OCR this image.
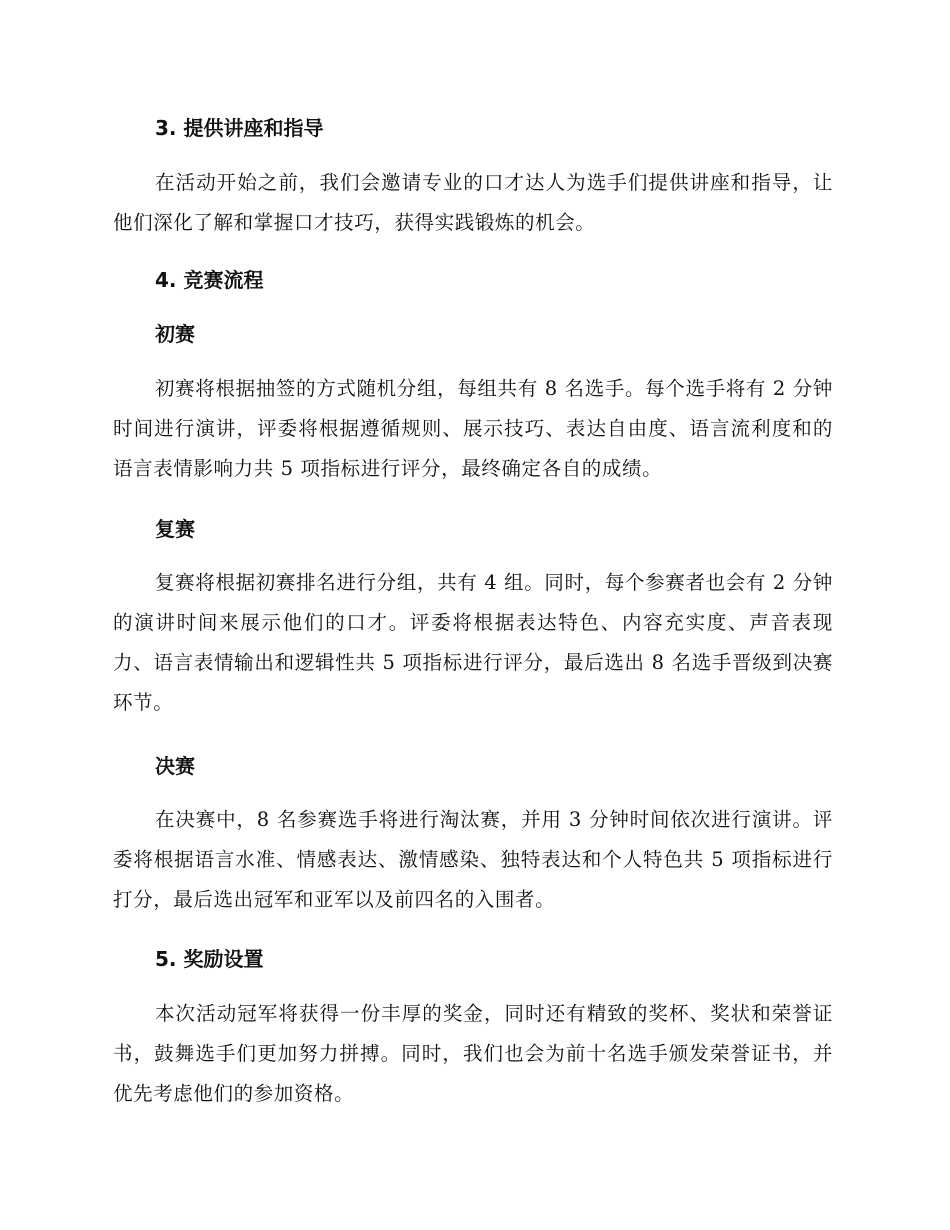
3. 提供讲座和指导

在活动开始之前，我们会邀请专业的口才达人为选手们提供讲座和指导，让他们深化了解和掌握口才技巧，获得实践锻炼的机会。

4. 竞赛流程
初赛

初赛将根据抽签的方式随机分组，每组共有 8 名选手。每个选手将有 2 分钟时间进行演讲，评委将根据遵循规则、展示技巧、表达自由度、语言流利度和的语言表情影响力共 5 项指标进行评分，最终确定各自的成绩。

复赛

复赛将根据初赛排名进行分组，共有 4 组。同时，每个参赛者也会有 2 分钟的演讲时间来展示他们的口才。评委将根据表达特色、内容充实度、声音表现力、语言表情输出和逻辑性共 5 项指标进行评分，最后选出 8 名选手晋级到决赛环节。

决赛

在决赛中，8 名参赛选手将进行淘汰赛，并用 3 分钟时间依次进行演讲。评委将根据语言水准、情感表达、激情感染、独特表达和个人特色共 5 项指标进行打分，最后选出冠军和亚军以及前四名的入围者。

5. 奖励设置

本次活动冠军将获得一份丰厚的奖金，同时还有精致的奖杯、奖状和荣誉证书，鼓舞选手们更加努力拼搏。同时，我们也会为前十名选手颁发荣誉证书，并优先考虑他们的参加资格。
